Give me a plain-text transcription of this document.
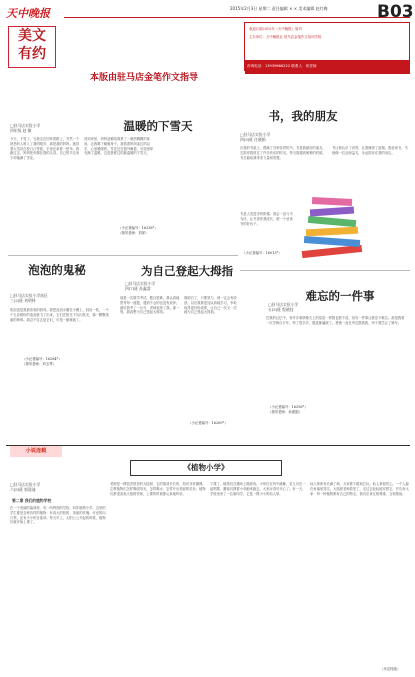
天中晚报
美文
有约
2015年2月3日 星期二 责任编辑 × × 美术编辑 赵红梅	B03
欢迎订阅2015年《天中晚报》周刊
主办单位：天中晚报社 驻马店金笔作文培训学校
咨询电话：13939666222 联系人：何老师
本版由驻马店金笔作文指导
温暖的下雪天
□驻马店实验小学
四年级 赵 敏

今天，下雪了。当我走在回家的路上，突然一个熟悉的人映入了我的眼帘，那是我的妈妈。她冒着大雪站在校门口等我，手里还拿着一把伞。我跑过去，妈妈把伞撑在我的头顶，自己的半边身子却落满了雪花。

回到家里，妈妈赶紧给我煮了一碗热腾腾的姜汤，让我喝下暖暖身子。我看着妈妈冻红的双手，心里暖暖的。雪花还在窗外飘着，可屋里却充满了温暖，这是我度过的最温暖的下雪天。

（小记者编号：16338*）
（指导老师：刘萍）
书，我的朋友
□驻马店实验小学
四(3)班 任晓娟

在我的书架上，摆满了各种各样的书。书是我最好的朋友，它陪伴我度过了许多快乐的时光。每当我遇到困难的时候，书总能给我带来力量和智慧。

书让我认识了世界，让我懂得了道理。我爱读书，书就像一位良师益友，永远陪伴在我的身边。

书是人类进步的阶梯。我会一直与书为伴，让书香伴我成长，做一个爱读书的好孩子。

（小记者编号：16013*）
泡泡的鬼秘
□驻马店实验小学南区
三(2)班 刘明林

吹泡泡是我最喜欢的游戏。我把泡泡水蘸在小圈上，轻轻一吹，一个个五彩缤纷的泡泡就飞了出来。它们在阳光下闪闪发光，像一颗颗美丽的珍珠。我忍不住去追它们，可是一碰就破了。

（小记者编号：16284*）
（指导老师：刘玉琴）
为自己登起大拇指
□驻马店实验小学
四(7)班 苏鑫睿

那是一次数学考试，题目很难。我认真地思考每一道题，遇到不会的也没有放弃。最后我考了一百分，老师表扬了我。那一刻，我真想为自己竖起大拇指。

我明白了，只要努力，就一定会有收获。以后我要更加认真地学习，争取取得更好的成绩，让自己一次又一次地为自己竖起大拇指。

（小记者编号：16269*）
难忘的一件事
□驻马店实验小学
五(5)班 程晓钰

在我的记忆中，有许多事情像天上的星星一样数也数不清，但有一件事让我至今难忘。那是我第一次学骑自行车，摔了很多次，膝盖都磕破了。爸爸一直在旁边鼓励我，终于我学会了骑车。

（小记者编号：16356*）
（指导老师：孙惠娟）
小说连载
《植物小学》
□驻马店实验小学
六(5)班 郭晨迪
第二章 我们的植物学校

在一个美丽的森林里，有一所特别的学校，叫作植物小学。这里的学生都是各种各样的植物：有高大的松树、美丽的玫瑰、可爱的向日葵，还有小小的含羞草。每天早上，太阳公公升起的时候，植物们就开始上课了。

老师是一棵很老很老的大榕树，它的胡须长长的，知识非常渊博。它教植物们怎样吸收阳光，怎样喝水，怎样开出美丽的花朵。植物们都很喜欢大榕树老师，上课的时候都认真地听讲。

下课了，植物们在操场上做游戏。小草们在风中跳舞，花儿们在一起唱歌，蘑菇们撑着小伞跑来跑去。大家玩得可开心了。有一天，学校里来了一位新同学，它是一棵小小的仙人掌。

仙人掌浑身长满了刺，大家都不敢和它玩。仙人掌很伤心，一个人躲在角落里哭泣。大榕树老师看见了，走过去轻轻地安慰它，并告诉大家：每一种植物都有自己的特点，我们应该互相尊重，互相帮助。

（未完待续）
